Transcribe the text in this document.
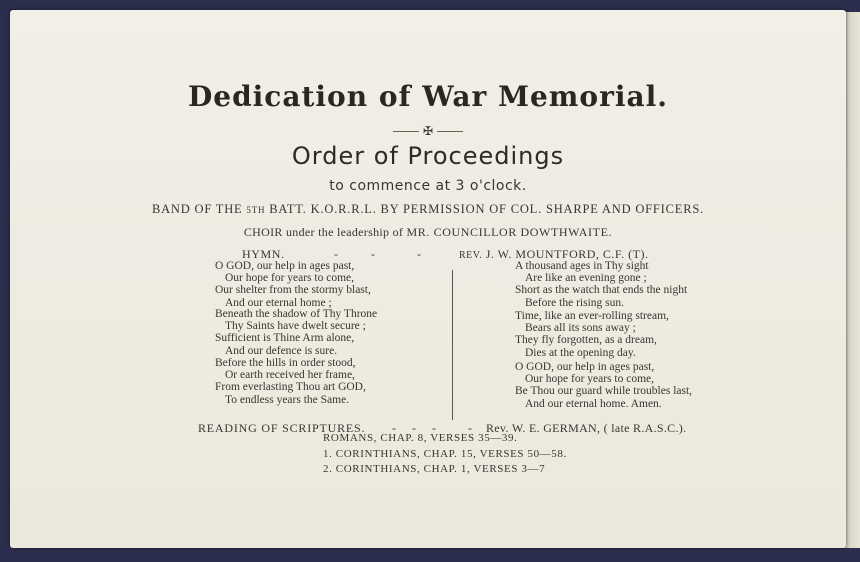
Dedication of War Memorial.
✠
Order of Proceedings
to commence at 3 o'clock.
BAND OF THE 5TH BATT. K.O.R.R.L. BY PERMISSION OF COL. SHARPE AND OFFICERS.
CHOIR under the leadership of MR. COUNCILLOR DOWTHWAITE.
HYMN.	-	-	-	REV. J. W. MOUNTFORD, C.F. (T).
O GOD, our help in ages past,
Our hope for years to come,
Our shelter from the stormy blast,
And our eternal home ;
Beneath the shadow of Thy Throne
Thy Saints have dwelt secure ;
Sufficient is Thine Arm alone,
And our defence is sure.
Before the hills in order stood,
Or earth received her frame,
From everlasting Thou art GOD,
To endless years the Same.
A thousand ages in Thy sight
Are like an evening gone ;
Short as the watch that ends the night
Before the rising sun.
Time, like an ever-rolling stream,
Bears all its sons away ;
They fly forgotten, as a dream,
Dies at the opening day.
O GOD, our help in ages past,
Our hope for years to come,
Be Thou our guard while troubles last,
And our eternal home. Amen.
READING OF SCRIPTURES. - - -	- Rev. W. E. GERMAN, ( late R.A.S.C.).
ROMANS, CHAP. 8, VERSES 35—39.
1. CORINTHIANS, CHAP. 15, VERSES 50—58.
2. CORINTHIANS, CHAP. 1, VERSES 3—7
